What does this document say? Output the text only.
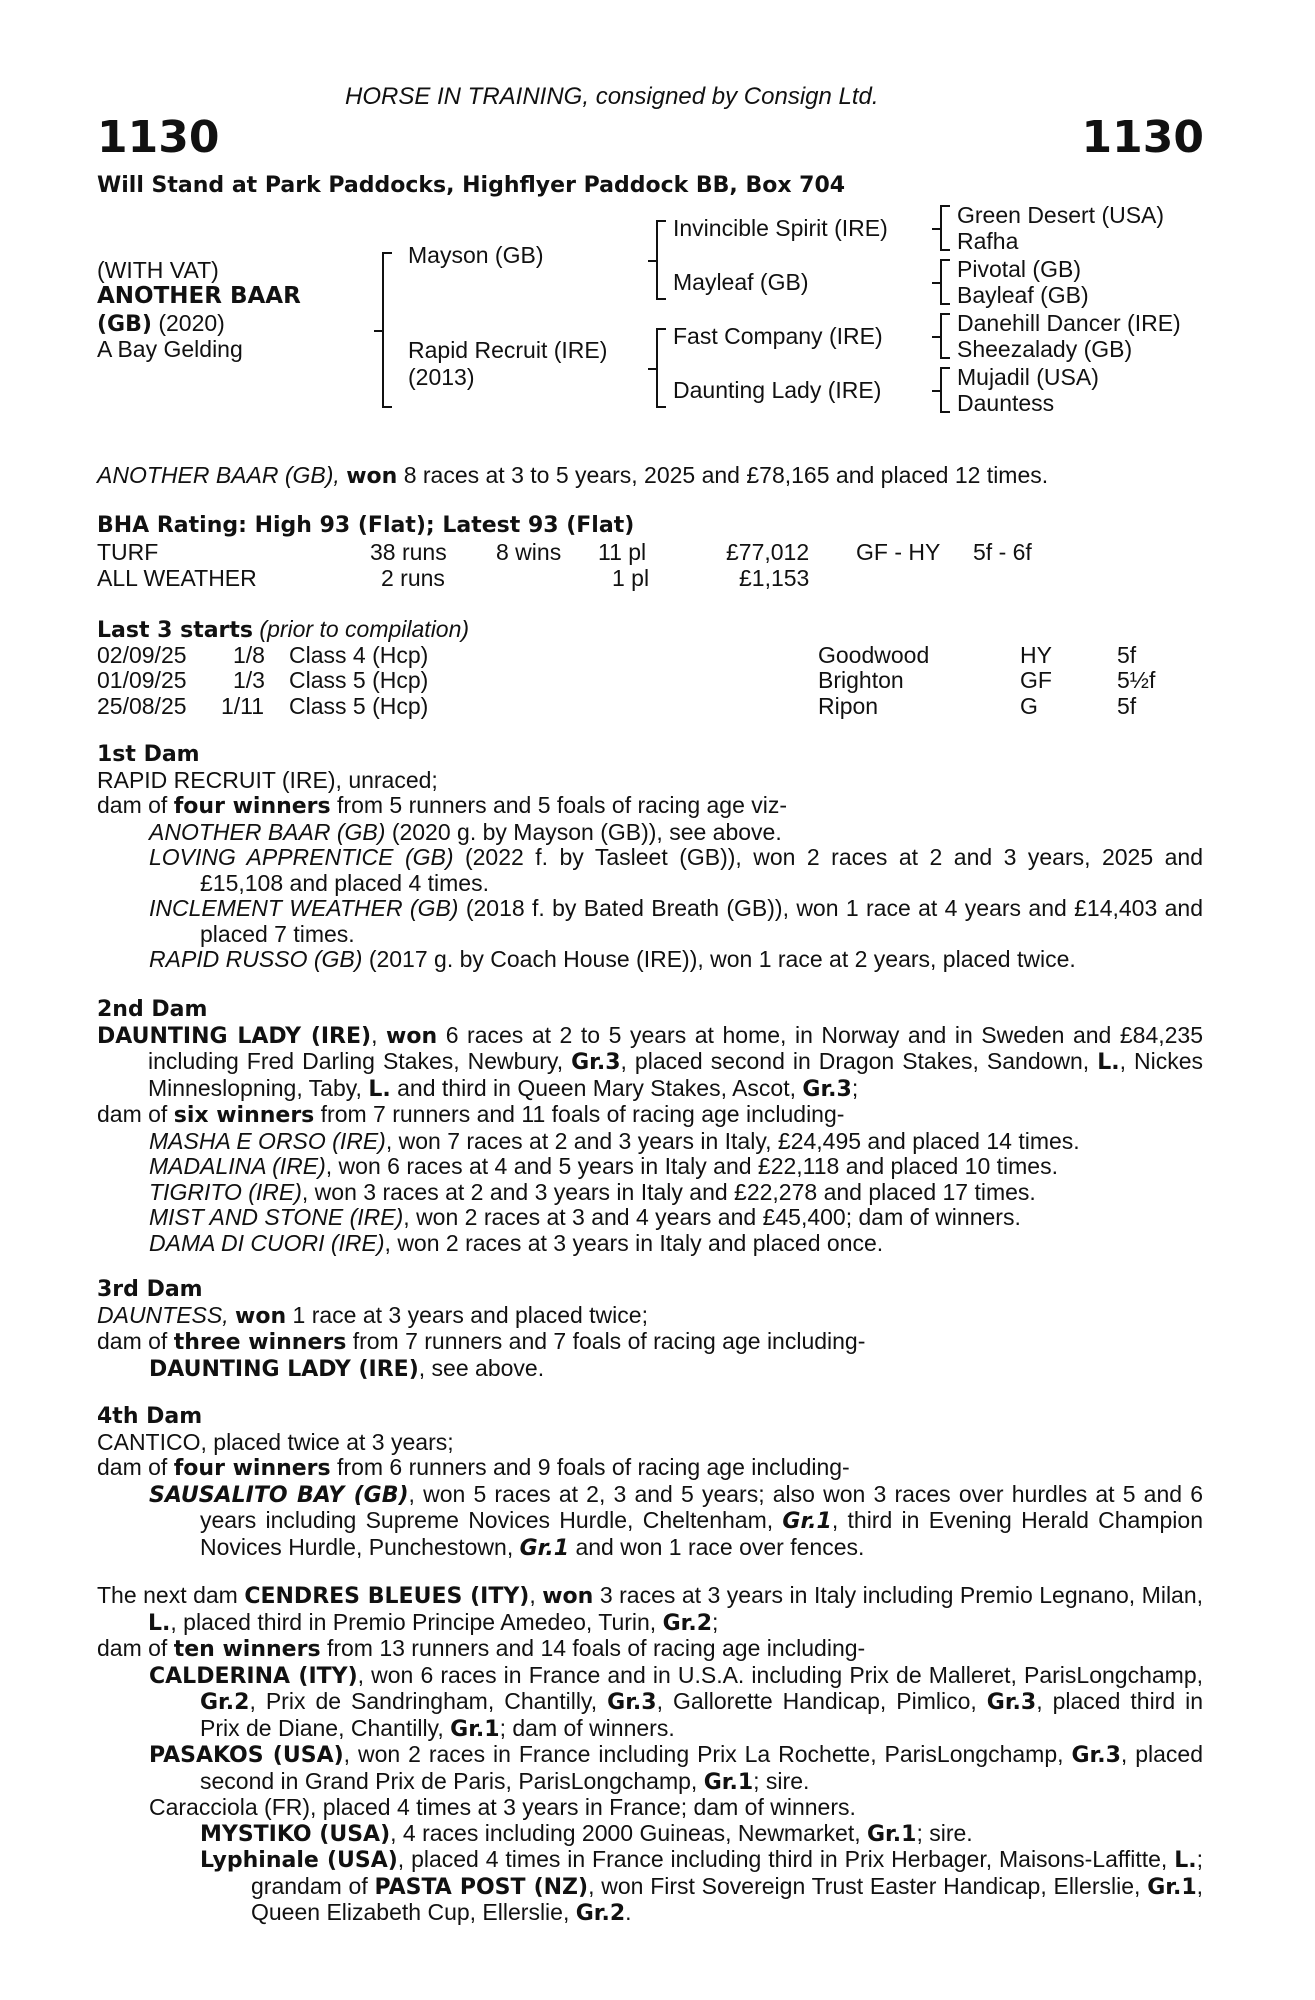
HORSE IN TRAINING, consigned by Consign Ltd.
1130	1130
Will Stand at Park Paddocks, Highflyer Paddock BB, Box 704
(WITH VAT)
ANOTHER BAAR
(GB) (2020)
A Bay Gelding
Mayson (GB)
Rapid Recruit (IRE)
(2013)
Invincible Spirit (IRE)
Mayleaf (GB)
Fast Company (IRE)
Daunting Lady (IRE)
Green Desert (USA)
Rafha
Pivotal (GB)
Bayleaf (GB)
Danehill Dancer (IRE)
Sheezalady (GB)
Mujadil (USA)
Dauntess
ANOTHER BAAR (GB), won 8 races at 3 to 5 years, 2025 and £78,165 and placed 12 times.
BHA Rating: High 93 (Flat); Latest 93 (Flat)
TURF	38 runs 8 wins 11 pl	£77,012 GF - HY 5f - 6f
ALL WEATHER	2 runs	1 pl	£1,153
Last 3 starts (prior to compilation)
02/09/25 1/8 Class 4 (Hcp)	Goodwood	HY	5f
01/09/25 1/3 Class 5 (Hcp)	Brighton	GF	5½f
25/08/25 1/11 Class 5 (Hcp)	Ripon	G	5f

1st Dam

RAPID RECRUIT (IRE), unraced;

dam of four winners from 5 runners and 5 foals of racing age viz-

ANOTHER BAAR (GB) (2020 g. by Mayson (GB)), see above.

LOVING APPRENTICE (GB) (2022 f. by Tasleet (GB)), won 2 races at 2 and 3 years, 2025 and £15,108 and placed 4 times.

INCLEMENT WEATHER (GB) (2018 f. by Bated Breath (GB)), won 1 race at 4 years and £14,403 and placed 7 times.

RAPID RUSSO (GB) (2017 g. by Coach House (IRE)), won 1 race at 2 years, placed twice.

2nd Dam

DAUNTING LADY (IRE), won 6 races at 2 to 5 years at home, in Norway and in Sweden and £84,235 including Fred Darling Stakes, Newbury, Gr.3, placed second in Dragon Stakes, Sandown, L., Nickes Minneslopning, Taby, L. and third in Queen Mary Stakes, Ascot, Gr.3;

dam of six winners from 7 runners and 11 foals of racing age including-

MASHA E ORSO (IRE), won 7 races at 2 and 3 years in Italy, £24,495 and placed 14 times.

MADALINA (IRE), won 6 races at 4 and 5 years in Italy and £22,118 and placed 10 times.

TIGRITO (IRE), won 3 races at 2 and 3 years in Italy and £22,278 and placed 17 times.

MIST AND STONE (IRE), won 2 races at 3 and 4 years and £45,400; dam of winners.

DAMA DI CUORI (IRE), won 2 races at 3 years in Italy and placed once.

3rd Dam

DAUNTESS, won 1 race at 3 years and placed twice;

dam of three winners from 7 runners and 7 foals of racing age including-

DAUNTING LADY (IRE), see above.

4th Dam

CANTICO, placed twice at 3 years;

dam of four winners from 6 runners and 9 foals of racing age including-

SAUSALITO BAY (GB), won 5 races at 2, 3 and 5 years; also won 3 races over hurdles at 5 and 6 years including Supreme Novices Hurdle, Cheltenham, Gr.1, third in Evening Herald Champion Novices Hurdle, Punchestown, Gr.1 and won 1 race over fences.

The next dam CENDRES BLEUES (ITY), won 3 races at 3 years in Italy including Premio Legnano, Milan, L., placed third in Premio Principe Amedeo, Turin, Gr.2;

dam of ten winners from 13 runners and 14 foals of racing age including-

CALDERINA (ITY), won 6 races in France and in U.S.A. including Prix de Malleret, ParisLongchamp, Gr.2, Prix de Sandringham, Chantilly, Gr.3, Gallorette Handicap, Pimlico, Gr.3, placed third in Prix de Diane, Chantilly, Gr.1; dam of winners.

PASAKOS (USA), won 2 races in France including Prix La Rochette, ParisLongchamp, Gr.3, placed second in Grand Prix de Paris, ParisLongchamp, Gr.1; sire.

Caracciola (FR), placed 4 times at 3 years in France; dam of winners.

MYSTIKO (USA), 4 races including 2000 Guineas, Newmarket, Gr.1; sire.

Lyphinale (USA), placed 4 times in France including third in Prix Herbager, Maisons-Laffitte, L.; grandam of PASTA POST (NZ), won First Sovereign Trust Easter Handicap, Ellerslie, Gr.1, Queen Elizabeth Cup, Ellerslie, Gr.2.
